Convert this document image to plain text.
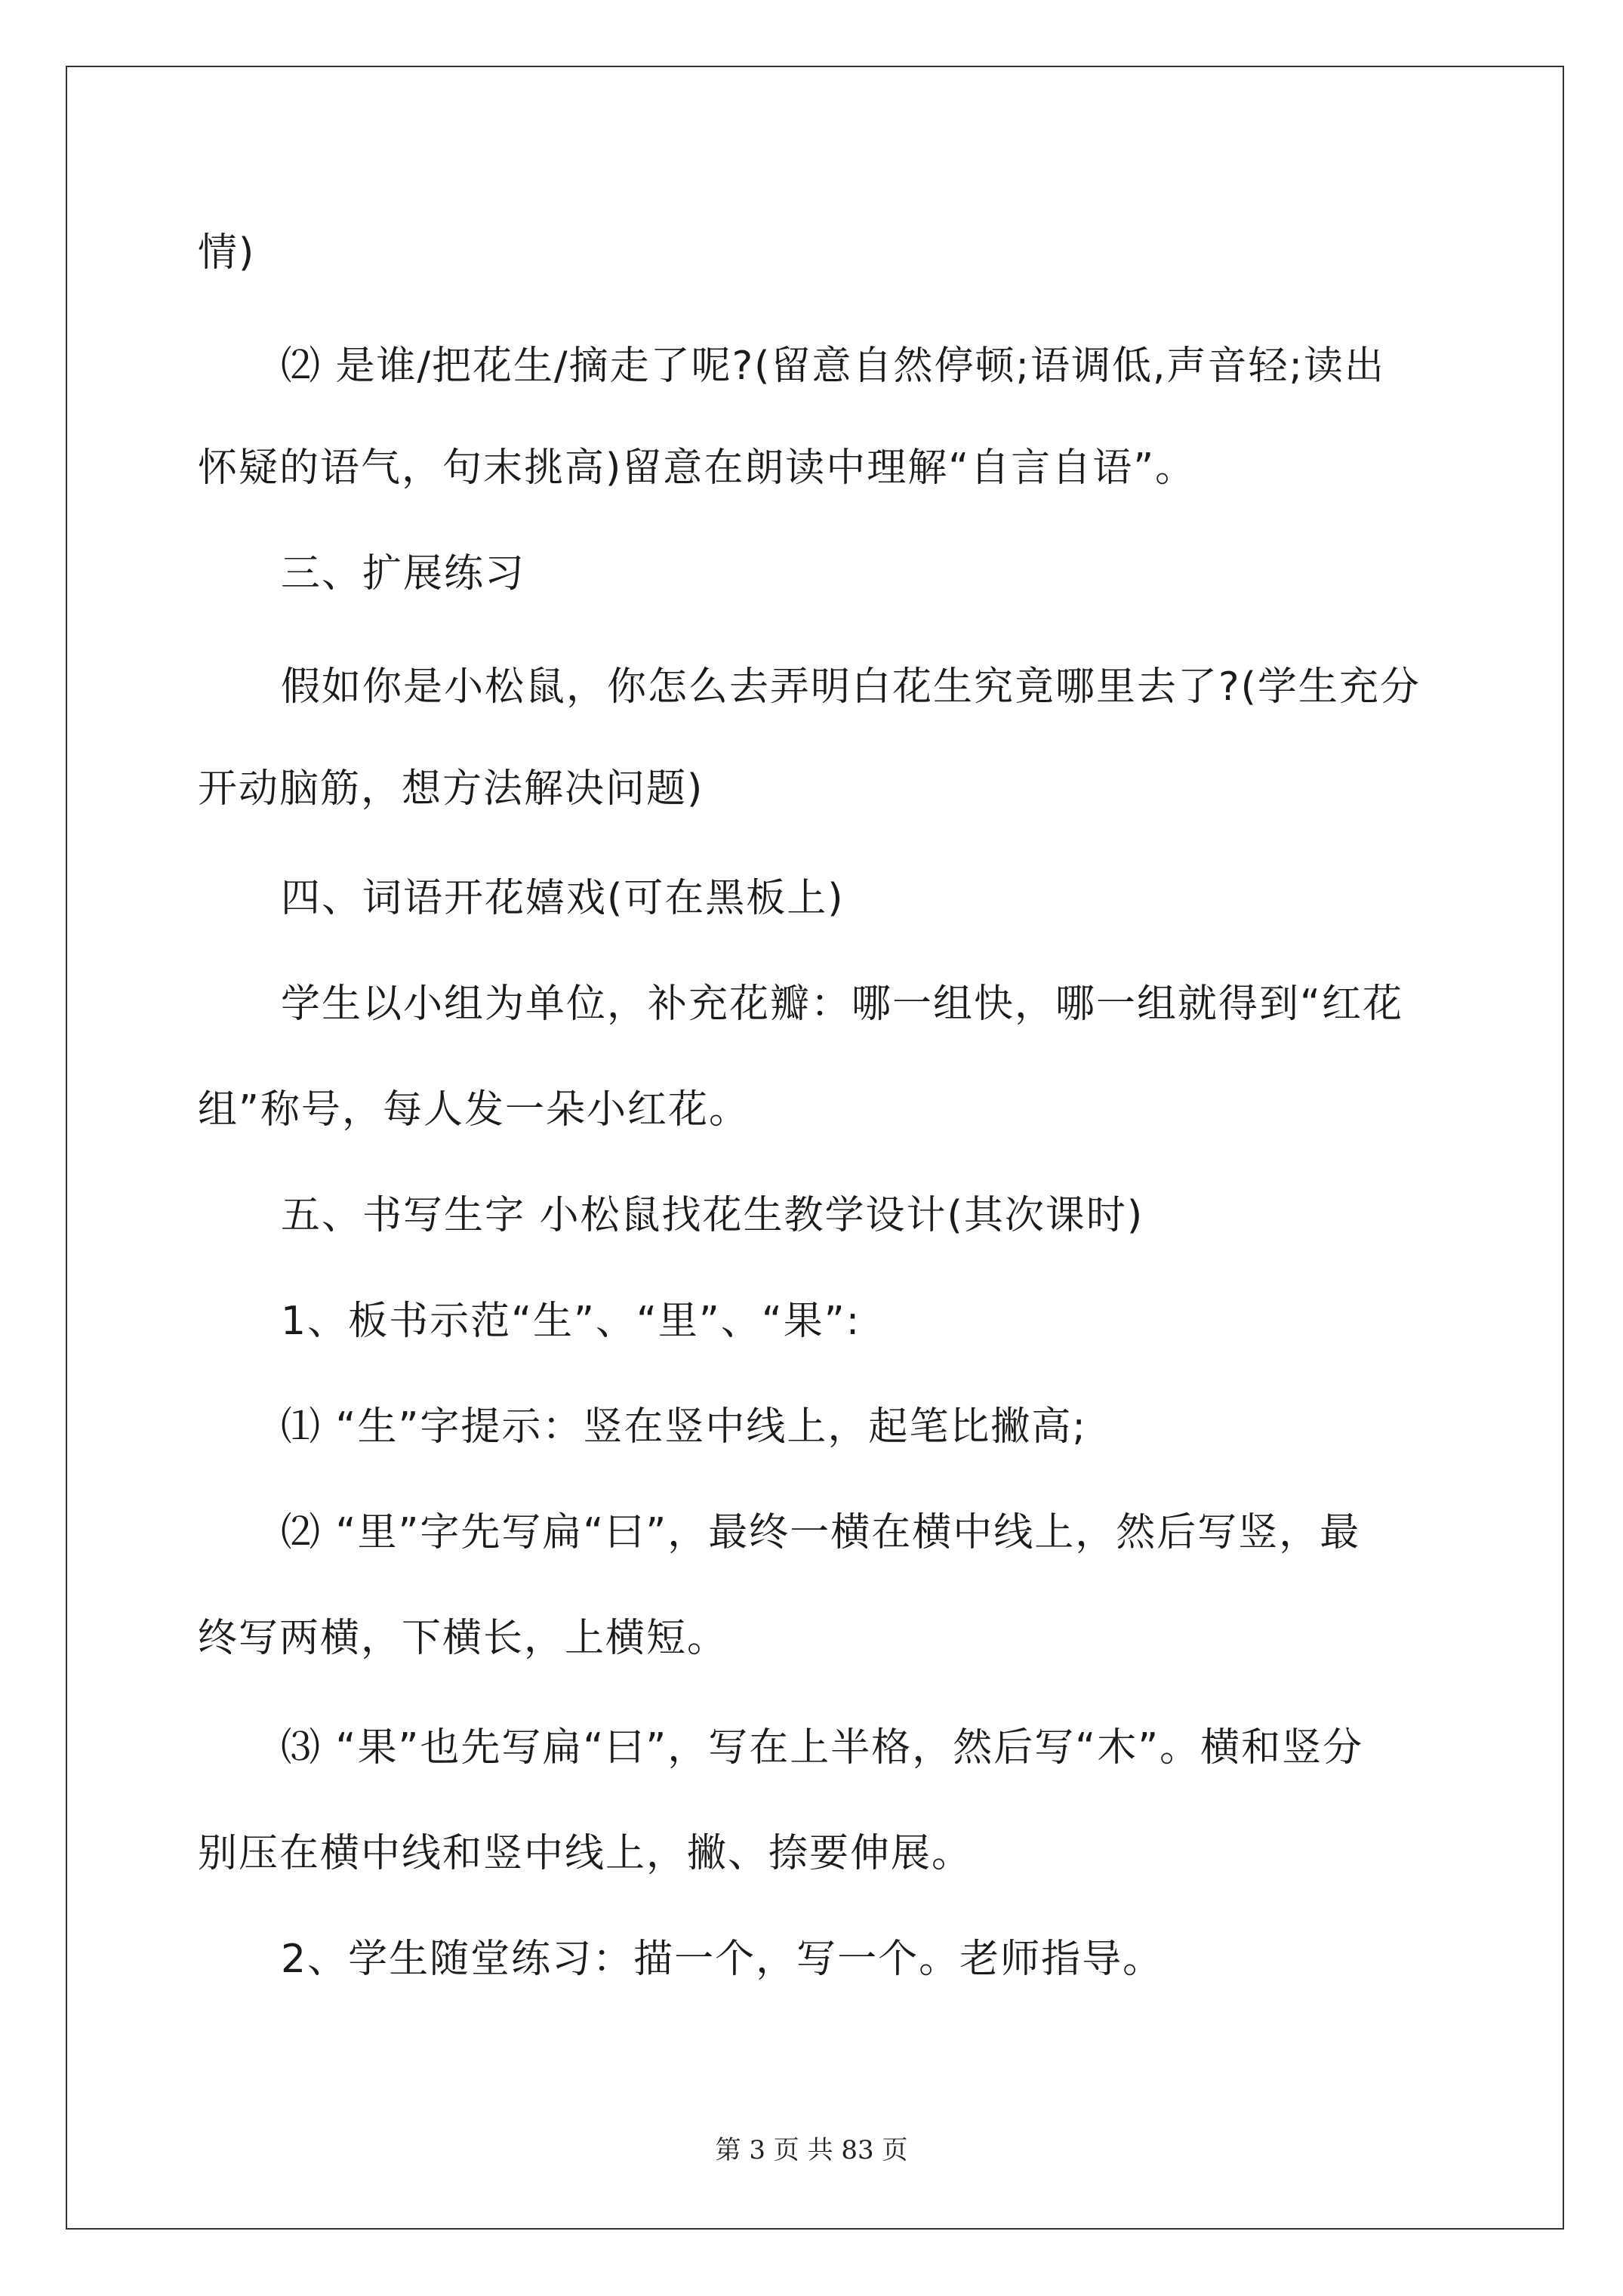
情)
⑵ 是谁/把花生/摘走了呢?(留意自然停顿;语调低,声音轻;读出
怀疑的语气，句末挑高)留意在朗读中理解“自言自语”。
三、扩展练习
假如你是小松鼠，你怎么去弄明白花生究竟哪里去了?(学生充分
开动脑筋，想方法解决问题)
四、词语开花嬉戏(可在黑板上)
学生以小组为单位，补充花瓣：哪一组快，哪一组就得到“红花
组”称号，每人发一朵小红花。
五、书写生字 小松鼠找花生教学设计(其次课时)
1、板书示范“生”、“里”、“果”:
⑴ “生”字提示：竖在竖中线上，起笔比撇高;
⑵ “里”字先写扁“曰”，最终一横在横中线上，然后写竖，最
终写两横，下横长，上横短。
⑶ “果”也先写扁“曰”，写在上半格，然后写“木”。横和竖分
别压在横中线和竖中线上，撇、捺要伸展。
2、学生随堂练习：描一个，写一个。老师指导。
第 3 页 共 83 页
